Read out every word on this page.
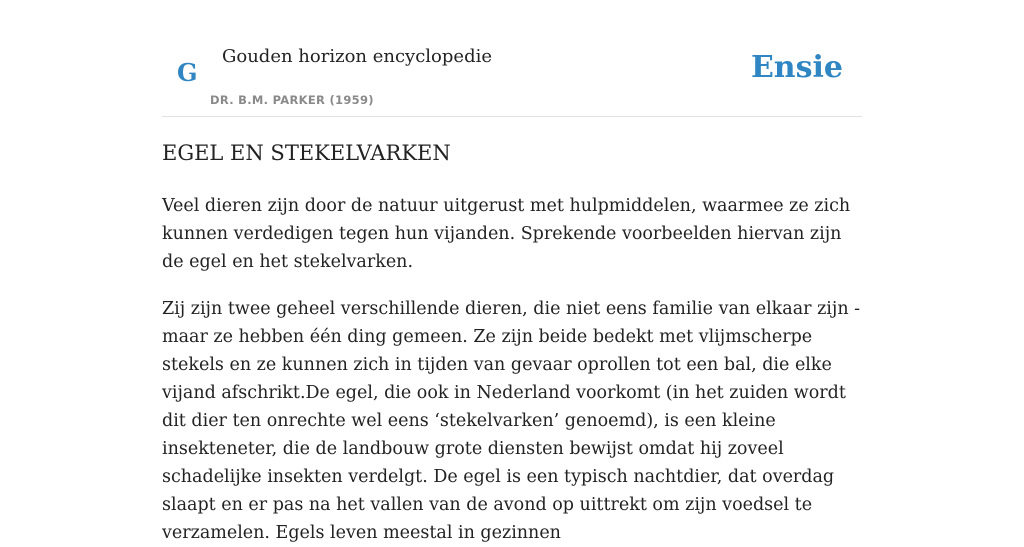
G
Gouden horizon encyclopedie
DR. B.M. PARKER (1959)
Ensie
EGEL EN STEKELVARKEN

Veel dieren zijn door de natuur uitgerust met hulpmiddelen, waarmee ze zich kunnen verdedigen tegen hun vijanden. Sprekende voorbeelden hiervan zijn de egel en het stekelvarken.

Zij zijn twee geheel verschillende dieren, die niet eens familie van elkaar zijn - maar ze hebben één ding gemeen. Ze zijn beide bedekt met vlijmscherpe stekels en ze kunnen zich in tijden van gevaar oprollen tot een bal, die elke vijand afschrikt.De egel, die ook in Nederland voorkomt (in het zuiden wordt dit dier ten onrechte wel eens ‘stekelvarken’ genoemd), is een kleine insekteneter, die de landbouw grote diensten bewijst omdat hij zoveel schadelijke insekten verdelgt. De egel is een typisch nachtdier, dat overdag slaapt en er pas na het vallen van de avond op uittrekt om zijn voedsel te verzamelen. Egels leven meestal in gezinnen
